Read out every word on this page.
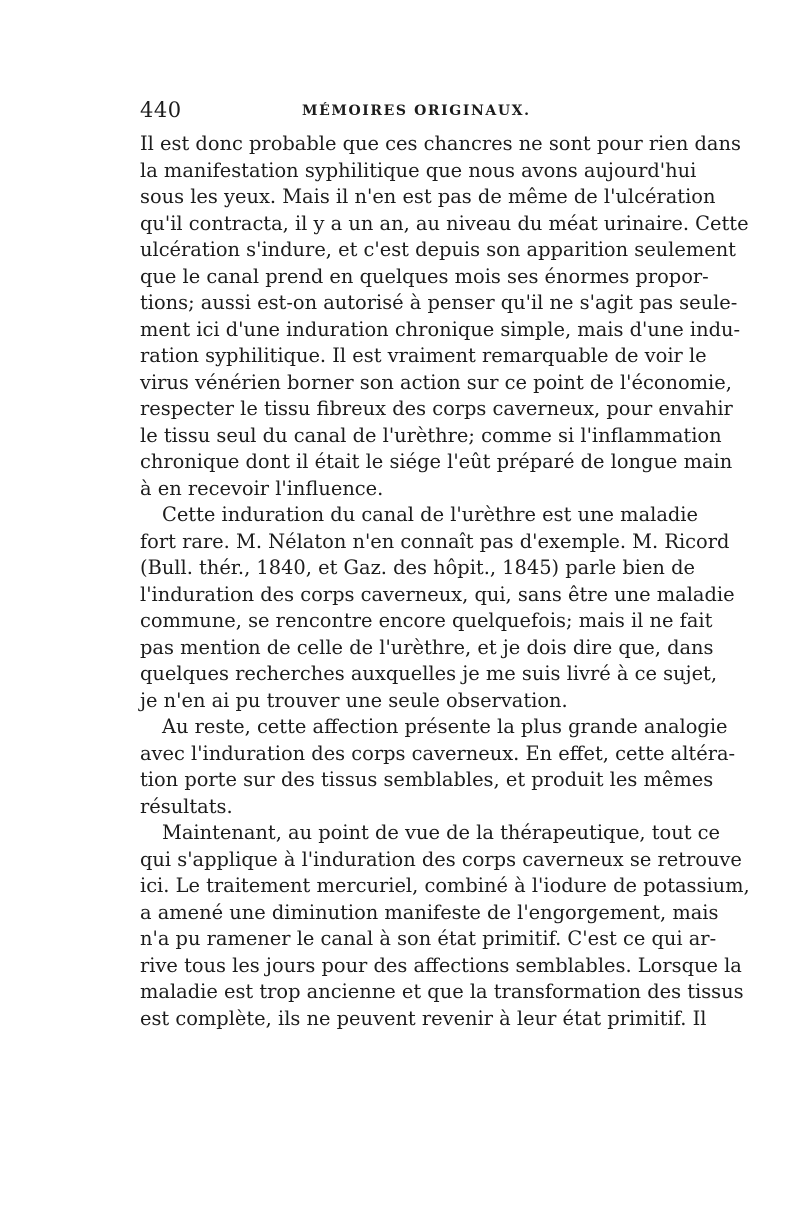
440	MÉMOIRES ORIGINAUX.
Il est donc probable que ces chancres ne sont pour rien dans
la manifestation syphilitique que nous avons aujourd'hui
sous les yeux. Mais il n'en est pas de même de l'ulcération
qu'il contracta, il y a un an, au niveau du méat urinaire. Cette
ulcération s'indure, et c'est depuis son apparition seulement
que le canal prend en quelques mois ses énormes propor-
tions; aussi est-on autorisé à penser qu'il ne s'agit pas seule-
ment ici d'une induration chronique simple, mais d'une indu-
ration syphilitique. Il est vraiment remarquable de voir le
virus vénérien borner son action sur ce point de l'économie,
respecter le tissu fibreux des corps caverneux, pour envahir
le tissu seul du canal de l'urèthre; comme si l'inflammation
chronique dont il était le siége l'eût préparé de longue main
à en recevoir l'influence.
Cette induration du canal de l'urèthre est une maladie
fort rare. M. Nélaton n'en connaît pas d'exemple. M. Ricord
(Bull. thér., 1840, et Gaz. des hôpit., 1845) parle bien de
l'induration des corps caverneux, qui, sans être une maladie
commune, se rencontre encore quelquefois; mais il ne fait
pas mention de celle de l'urèthre, et je dois dire que, dans
quelques recherches auxquelles je me suis livré à ce sujet,
je n'en ai pu trouver une seule observation.
Au reste, cette affection présente la plus grande analogie
avec l'induration des corps caverneux. En effet, cette altéra-
tion porte sur des tissus semblables, et produit les mêmes
résultats.
Maintenant, au point de vue de la thérapeutique, tout ce
qui s'applique à l'induration des corps caverneux se retrouve
ici. Le traitement mercuriel, combiné à l'iodure de potassium,
a amené une diminution manifeste de l'engorgement, mais
n'a pu ramener le canal à son état primitif. C'est ce qui ar-
rive tous les jours pour des affections semblables. Lorsque la
maladie est trop ancienne et que la transformation des tissus
est complète, ils ne peuvent revenir à leur état primitif. Il
